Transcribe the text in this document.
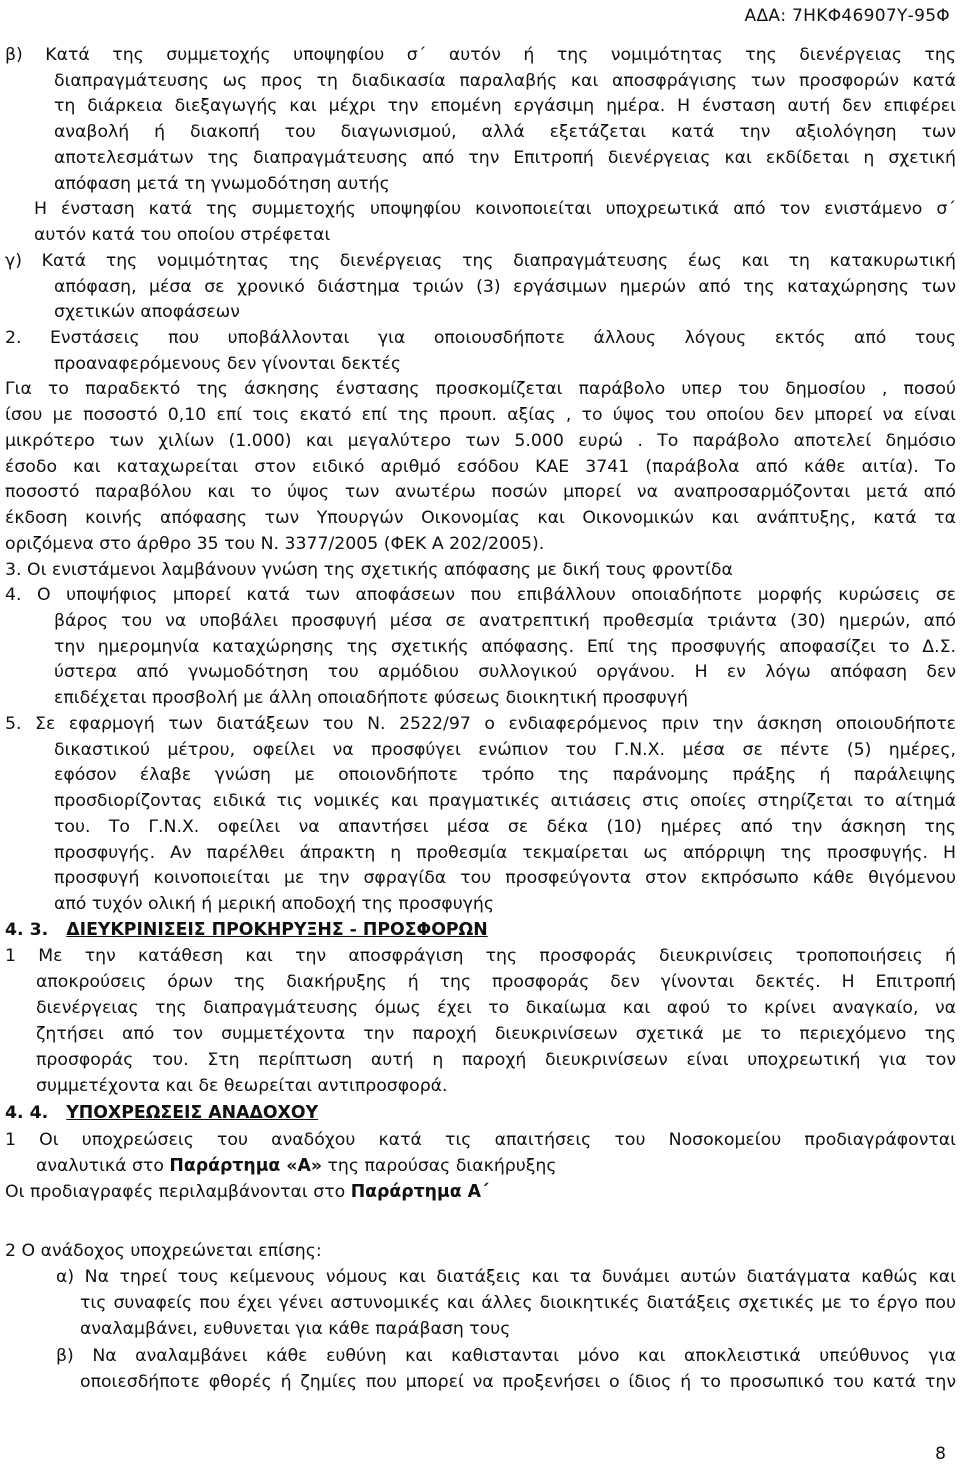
ΑΔΑ: 7ΗΚΦ46907Υ-95Φ
β) Κατά της συμμετοχής υποψηφίου σ΄ αυτόν ή της νομιμότητας της διενέργειας της
διαπραγμάτευσης ως προς τη διαδικασία παραλαβής και αποσφράγισης των προσφορών κατά
τη διάρκεια διεξαγωγής και μέχρι την επομένη εργάσιμη ημέρα. Η ένσταση αυτή δεν επιφέρει
αναβολή ή διακοπή του διαγωνισμού, αλλά εξετάζεται κατά την αξιολόγηση των
αποτελεσμάτων της διαπραγμάτευσης από την Επιτροπή διενέργειας και εκδίδεται η σχετική
απόφαση μετά τη γνωμοδότηση αυτής
Η ένσταση κατά της συμμετοχής υποψηφίου κοινοποιείται υποχρεωτικά από τον ενιστάμενο σ΄
αυτόν κατά του οποίου στρέφεται
γ) Κατά της νομιμότητας της διενέργειας της διαπραγμάτευσης έως και τη κατακυρωτική
απόφαση, μέσα σε χρονικό διάστημα τριών (3) εργάσιμων ημερών από της καταχώρησης των
σχετικών αποφάσεων
2. Ενστάσεις που υποβάλλονται για οποιουσδήποτε άλλους λόγους εκτός από τους
προαναφερόμενους δεν γίνονται δεκτές
Για το παραδεκτό της άσκησης ένστασης προσκομίζεται παράβολο υπερ του δημοσίου , ποσού
ίσου με ποσοστό 0,10 επί τοις εκατό επί της προυπ. αξίας , το ύψος του οποίου δεν μπορεί να είναι
μικρότερο των χιλίων (1.000) και μεγαλύτερο των 5.000 ευρώ . Το παράβολο αποτελεί δημόσιο
έσοδο και καταχωρείται στον ειδικό αριθμό εσόδου ΚΑΕ 3741 (παράβολα από κάθε αιτία). Το
ποσοστό παραβόλου και το ύψος των ανωτέρω ποσών μπορεί να αναπροσαρμόζονται μετά από
έκδοση κοινής απόφασης των Υπουργών Οικονομίας και Οικονομικών και ανάπτυξης, κατά τα
οριζόμενα στο άρθρο 35 του Ν. 3377/2005 (ΦΕΚ Α 202/2005).
3. Οι ενιστάμενοι λαμβάνουν γνώση της σχετικής απόφασης με δική τους φροντίδα
4. Ο υποψήφιος μπορεί κατά των αποφάσεων που επιβάλλουν οποιαδήποτε μορφής κυρώσεις σε
βάρος του να υποβάλει προσφυγή μέσα σε ανατρεπτική προθεσμία τριάντα (30) ημερών, από
την ημερομηνία καταχώρησης της σχετικής απόφασης. Επί της προσφυγής αποφασίζει το Δ.Σ.
ύστερα από γνωμοδότηση του αρμόδιου συλλογικού οργάνου. Η εν λόγω απόφαση δεν
επιδέχεται προσβολή με άλλη οποιαδήποτε φύσεως διοικητική προσφυγή
5. Σε εφαρμογή των διατάξεων του Ν. 2522/97 ο ενδιαφερόμενος πριν την άσκηση οποιουδήποτε
δικαστικού μέτρου, οφείλει να προσφύγει ενώπιον του Γ.Ν.Χ. μέσα σε πέντε (5) ημέρες,
εφόσον έλαβε γνώση με οποιονδήποτε τρόπο της παράνομης πράξης ή παράλειψης
προσδιορίζοντας ειδικά τις νομικές και πραγματικές αιτιάσεις στις οποίες στηρίζεται το αίτημά
του. Το Γ.Ν.Χ. οφείλει να απαντήσει μέσα σε δέκα (10) ημέρες από την άσκηση της
προσφυγής. Αν παρέλθει άπρακτη η προθεσμία τεκμαίρεται ως απόρριψη της προσφυγής. Η
προσφυγή κοινοποιείται με την σφραγίδα του προσφεύγοντα στον εκπρόσωπο κάθε θιγόμενου
από τυχόν ολική ή μερική αποδοχή της προσφυγής
4. 3. ΔΙΕΥΚΡΙΝΙΣΕΙΣ ΠΡΟΚΗΡΥΞΗΣ - ΠΡΟΣΦΟΡΩΝ
1 Με την κατάθεση και την αποσφράγιση της προσφοράς διευκρινίσεις τροποποιήσεις ή
αποκρούσεις όρων της διακήρυξης ή της προσφοράς δεν γίνονται δεκτές. Η Επιτροπή
διενέργειας της διαπραγμάτευσης όμως έχει το δικαίωμα και αφού το κρίνει αναγκαίο, να
ζητήσει από τον συμμετέχοντα την παροχή διευκρινίσεων σχετικά με το περιεχόμενο της
προσφοράς του. Στη περίπτωση αυτή η παροχή διευκρινίσεων είναι υποχρεωτική για τον
συμμετέχοντα και δε θεωρείται αντιπροσφορά.
4. 4. ΥΠΟΧΡΕΩΣΕΙΣ ΑΝΑΔΟΧΟΥ
1 Οι υποχρεώσεις του αναδόχου κατά τις απαιτήσεις του Νοσοκομείου προδιαγράφονται
αναλυτικά στο Παράρτημα «Α» της παρούσας διακήρυξης
Οι προδιαγραφές περιλαμβάνονται στο Παράρτημα Α΄
2 Ο ανάδοχος υποχρεώνεται επίσης:
α) Να τηρεί τους κείμενους νόμους και διατάξεις και τα δυνάμει αυτών διατάγματα καθώς και
τις συναφείς που έχει γένει αστυνομικές και άλλες διοικητικές διατάξεις σχετικές με το έργο που
αναλαμβάνει, ευθυνεται για κάθε παράβαση τους
β) Να αναλαμβάνει κάθε ευθύνη και καθιστανται μόνο και αποκλειστικά υπεύθυνος για
οποιεσδήποτε φθορές ή ζημίες που μπορεί να προξενήσει ο ίδιος ή το προσωπικό του κατά την
8
